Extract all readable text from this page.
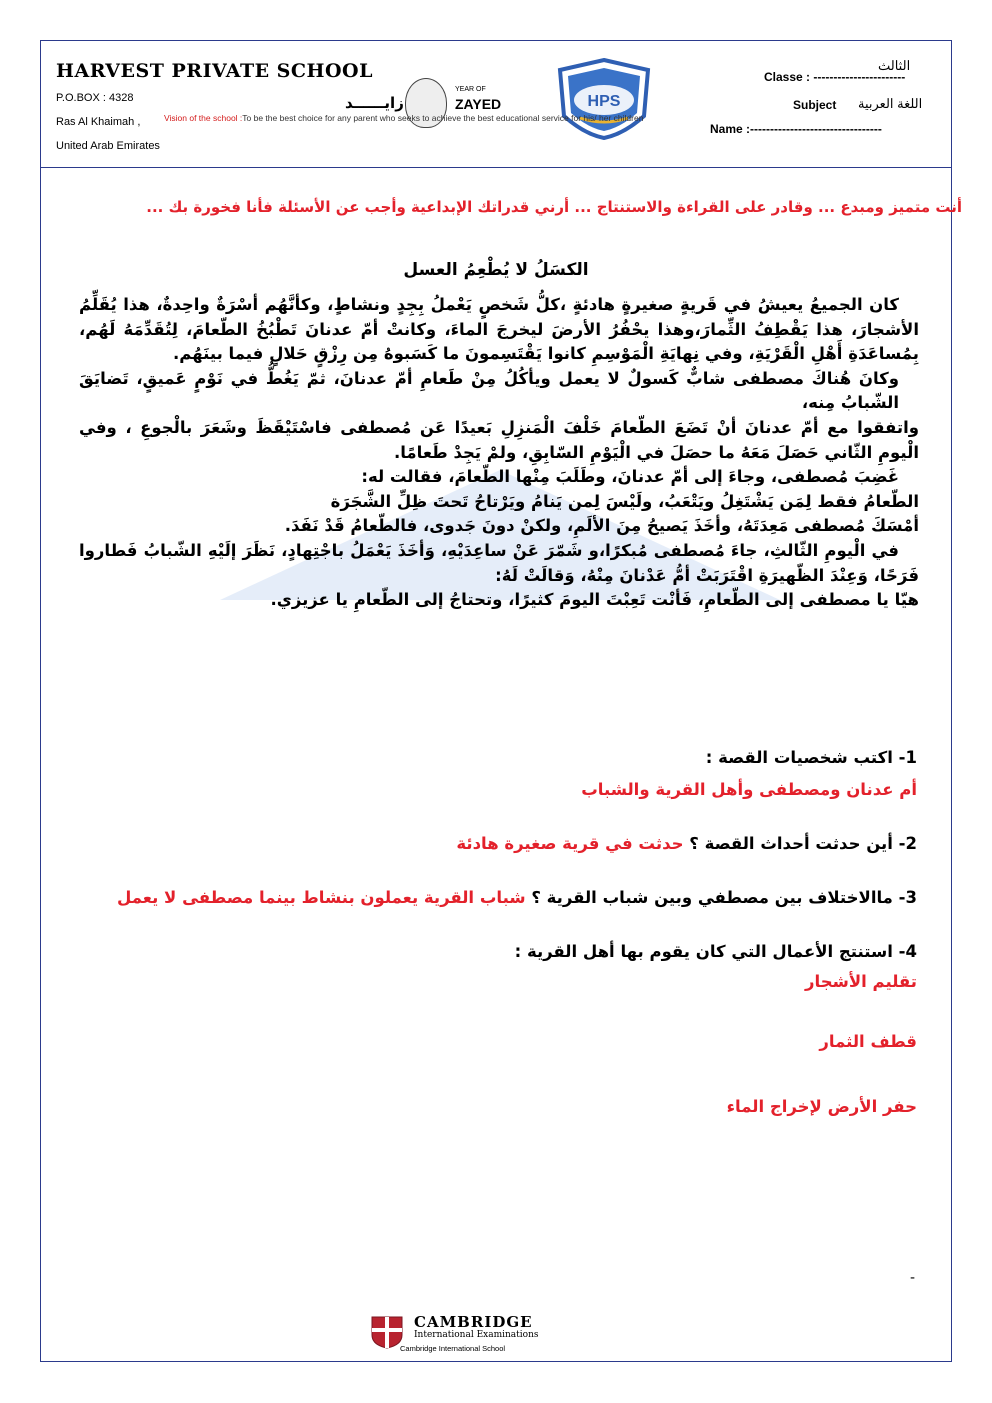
HARVEST PRIVATE SCHOOL
P.O.BOX : 4328
Ras Al Khaimah ,
United Arab Emirates
زايــــــد
YEAR OF
ZAYED	HPS
Classe : -----------------------
الثالث
Subject اللغة العربية
Name :---------------------------------
Vision of the school :To be the best choice for any parent who seeks to achieve the best educational service for his/ her children
أنت متميز ومبدع ... وقادر على القراءة والاستنتاج ... أرني قدراتك الإبداعية وأجب عن الأسئلة فأنا فخورة بك ...
الكسَلُ لا يُطْعِمُ العسل

كان الجميعُ يعيشُ في قَريةٍ صغيرةٍ هادئةٍ ،كلُّ شَخصٍ يَعْملُ بِجِدٍ ونشاطٍ، وكأنَّهُم أسْرَةٌ واحِدةٌ، هذا يُقَلِّمُ الأشجارَ، هذا يَقْطِفُ الثِّمارَ،وهذا يحْفُرُ الأرضَ ليخرجَ الماءَ، وكانتْ أمّ عدنانَ تَطْبُخُ الطّعامَ، لِتُقَدِّمَهُ لَهُم، بِمُساعَدَةِ أَهْلِ الْقَرْيَةِ، وفي نِهايَةِ الْمَوْسِمِ كانوا يَقْتَسِمونَ ما كَسَبوهُ مِن رِزْقٍ حَلالٍ فيما بينَهُم.

وكانَ هُناكَ مصطفى شابٌّ كَسولٌ لا يعمل ويأكُلُ مِنْ طَعامِ أمّ عدنانَ، ثمّ يَغُطُّ في نَوْمٍ عَميقٍ، تَضايَقَ الشّبابُ مِنه،

واتفقوا مع أمّ عدنانَ أنْ تَضَعَ الطّعامَ خَلْفَ الْمَنزِلِ بَعيدًا عَن مُصطفى فاسْتَيْقَظَ وشَعَرَ بالْجوعِ ، وفي الْيومِ الثّاني حَصَلَ مَعَهُ ما حصَلَ في الْيَوْمِ السّابِقِ، ولمْ يَجِدْ طَعامًا.

غَضِبَ مُصطفى، وجاءَ إلى أمّ عدنانَ، وطَلَبَ مِنْها الطّعامَ، فقالت له:

الطّعامُ فقط لِمَن يَشْتَغِلُ ويَتْعَبُ، ولَيْسَ لِمن يَنامُ ويَرْتاحُ تَحتَ ظِلِّ الشَّجَرَة

أمْسَكَ مُصطفى مَعِدَتَهُ، وأخَذَ يَصيحُ مِنَ الألَمِ، ولكنْ دونَ جَدوى، فالطّعامُ قَدْ نَفَدَ.

في الْيومِ الثّالثِ، جاءَ مُصطفى مُبكرًا،و شَمّرَ عَنْ ساعِدَيْهِ، وَأخَذَ يَعْمَلُ باجْتِهادٍ، نَظَرَ إلَيْهِ الشّبابُ فَطاروا فَرَحًا، وَعِنْدَ الظّهيرَةِ اقْتَرَبَتْ أمُّ عَدْنانَ مِنْهُ، وَقالَتْ لَهُ:

هيّا يا مصطفى إلى الطّعامِ، فَأنْت تَعِبْتَ اليومَ كثيرًا، وتحتاجُ إلى الطّعامِ يا عزيزي.

1- اكتب شخصيات القصة :
أم عدنان ومصطفى وأهل القرية والشباب
2- أين حدثت أحداث القصة ؟ حدثت في قرية صغيرة هادئة
3- ماالاختلاف بين مصطفي وبين شباب القرية ؟ شباب القرية يعملون بنشاط بينما مصطفى لا يعمل
4- استنتج الأعمال التي كان يقوم بها أهل القرية :
تقليم الأشجار
قطف الثمار
حفر الأرض لإخراج الماء
-
CAMBRIDGE
International Examinations
Cambridge International School
